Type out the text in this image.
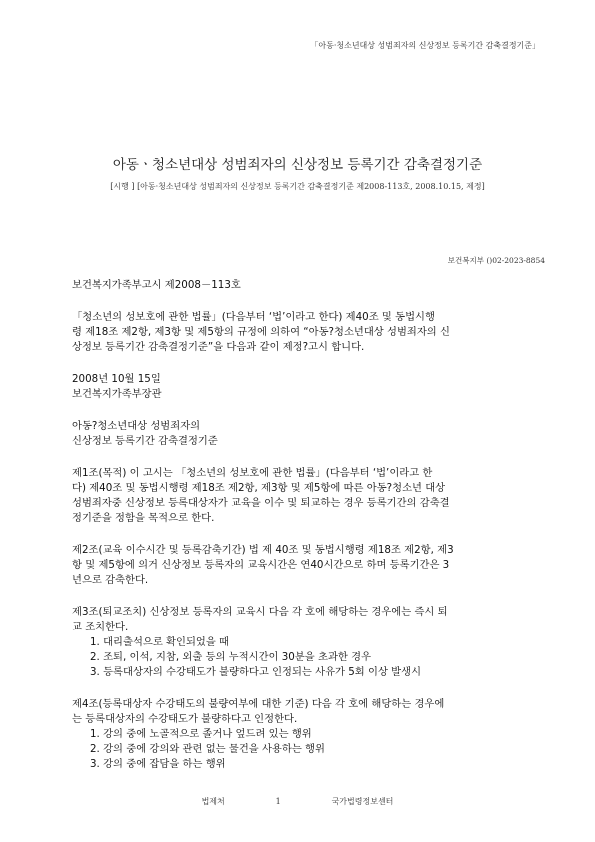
「아동·청소년대상 성범죄자의 신상정보 등록기간 감축결정기준」
아동ㆍ청소년대상 성범죄자의 신상정보 등록기간 감축결정기준
[시행 ] [아동·청소년대상 성범죄자의 신상정보 등록기간 감축결정기준 제2008-113호, 2008.10.15, 제정]
보건복지부 ()02-2023-8854

보건복지가족부고시 제2008－113호

「청소년의 성보호에 관한 법률」(다음부터 ‘법’이라고 한다) 제40조 및 동법시행
령 제18조 제2항, 제3항 및 제5항의 규정에 의하여 “아동?청소년대상 성범죄자의 신
상정보 등록기간 감축결정기준”을 다음과 같이 제정?고시 합니다.

2008년 10월 15일

보건복지가족부장관

아동?청소년대상 성범죄자의
신상정보 등록기간 감축결정기준

제1조(목적) 이 고시는 「청소년의 성보호에 관한 법률」(다음부터 ‘법’이라고 한
다) 제40조 및 동법시행령 제18조 제2항, 제3항 및 제5항에 따른 아동?청소년 대상
성범죄자중 신상정보 등록대상자가 교육을 이수 및 퇴교하는 경우 등록기간의 감축결
정기준을 정함을 목적으로 한다.

제2조(교육 이수시간 및 등록감축기간) 법 제 40조 및 동법시행령 제18조 제2항, 제3
항 및 제5항에 의거 신상정보 등록자의 교육시간은 연40시간으로 하며 등록기간은 3
년으로 감축한다.

제3조(퇴교조치) 신상정보 등록자의 교육시 다음 각 호에 해당하는 경우에는 즉시 퇴
교 조치한다.
1. 대리출석으로 확인되었을 때
2. 조퇴, 이석, 지참, 외출 등의 누적시간이 30분을 초과한 경우
3. 등록대상자의 수강태도가 불량하다고 인정되는 사유가 5회 이상 발생시

제4조(등록대상자 수강태도의 불량여부에 대한 기준) 다음 각 호에 해당하는 경우에
는 등록대상자의 수강태도가 불량하다고 인정한다.
1. 강의 중에 노골적으로 졸거나 엎드려 있는 행위
2. 강의 중에 강의와 관련 없는 물건을 사용하는 행위
3. 강의 중에 잡담을 하는 행위

법제처                    1                    국가법령정보센터
